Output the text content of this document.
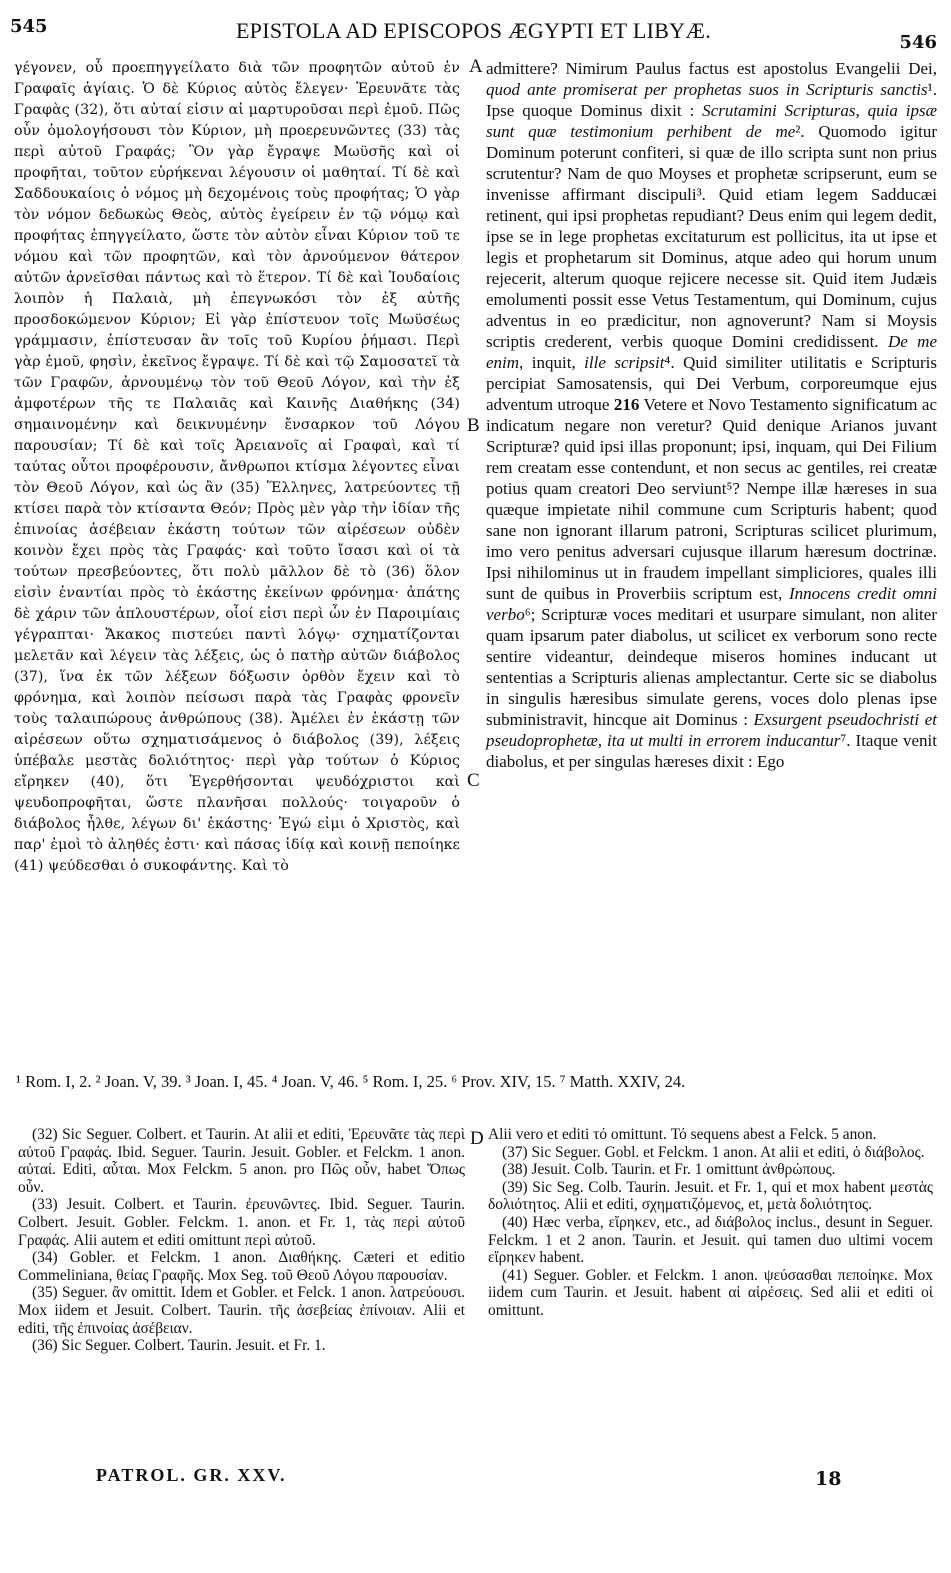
545	EPISTOLA AD EPISCOPOS ÆGYPTI ET LIBYÆ.	546

γέγονεν, οὗ προεπηγγείλατο διὰ τῶν προφητῶν αὐτοῦ ἐν Γραφαῖς ἁγίαις. Ὁ δὲ Κύριος αὐτὸς ἔλεγεν· Ἐρευνᾶτε τὰς Γραφὰς (32), ὅτι αὐταί εἰσιν αἱ μαρτυροῦσαι περὶ ἐμοῦ. Πῶς οὖν ὁμολογήσουσι τὸν Κύριον, μὴ προερευνῶντες (33) τὰς περὶ αὐτοῦ Γραφάς; Ὃν γὰρ ἔγραψε Μωϋσῆς καὶ οἱ προφῆται, τοῦτον εὑρήκεναι λέγουσιν οἱ μαθηταί. Τί δὲ καὶ Σαδδουκαίοις ὁ νόμος μὴ δεχομένοις τοὺς προφήτας; Ὁ γὰρ τὸν νόμον δεδωκὼς Θεὸς, αὐτὸς ἐγείρειν ἐν τῷ νόμῳ καὶ προφήτας ἐπηγγείλατο, ὥστε τὸν αὐτὸν εἶναι Κύριον τοῦ τε νόμου καὶ τῶν προφητῶν, καὶ τὸν ἀρνούμενον θάτερον αὐτῶν ἀρνεῖσθαι πάντως καὶ τὸ ἕτερον. Τί δὲ καὶ Ἰουδαίοις λοιπὸν ἡ Παλαιὰ, μὴ ἐπεγνωκόσι τὸν ἐξ αὐτῆς προσδοκώμενον Κύριον; Εἰ γὰρ ἐπίστευον τοῖς Μωϋσέως γράμμασιν, ἐπίστευσαν ἂν τοῖς τοῦ Κυρίου ῥήμασι. Περὶ γὰρ ἐμοῦ, φησὶν, ἐκεῖνος ἔγραψε. Τί δὲ καὶ τῷ Σαμοσατεῖ τὰ τῶν Γραφῶν, ἀρνουμένῳ τὸν τοῦ Θεοῦ Λόγον, καὶ τὴν ἐξ ἀμφοτέρων τῆς τε Παλαιᾶς καὶ Καινῆς Διαθήκης (34) σημαινομένην καὶ δεικνυμένην ἔνσαρκον τοῦ Λόγου παρουσίαν; Τί δὲ καὶ τοῖς Ἀρειανοῖς αἱ Γραφαὶ, καὶ τί ταύτας οὗτοι προφέρουσιν, ἄνθρωποι κτίσμα λέγοντες εἶναι τὸν Θεοῦ Λόγον, καὶ ὡς ἂν (35) Ἕλληνες, λατρεύοντες τῇ κτίσει παρὰ τὸν κτίσαντα Θεόν; Πρὸς μὲν γὰρ τὴν ἰδίαν τῆς ἐπινοίας ἀσέβειαν ἑκάστη τούτων τῶν αἱρέσεων οὐδὲν κοινὸν ἔχει πρὸς τὰς Γραφάς· καὶ τοῦτο ἴσασι καὶ οἱ τὰ τούτων πρεσβεύοντες, ὅτι πολὺ μᾶλλον δὲ τὸ (36) ὅλον εἰσὶν ἐναντίαι πρὸς τὸ ἑκάστης ἐκείνων φρόνημα· ἀπάτης δὲ χάριν τῶν ἁπλουστέρων, οἷοί εἰσι περὶ ὧν ἐν Παροιμίαις γέγραπται· Ἄκακος πιστεύει παντὶ λόγῳ· σχηματίζονται μελετᾶν καὶ λέγειν τὰς λέξεις, ὡς ὁ πατὴρ αὐτῶν διάβολος (37), ἵνα ἐκ τῶν λέξεων δόξωσιν ὀρθὸν ἔχειν καὶ τὸ φρόνημα, καὶ λοιπὸν πείσωσι παρὰ τὰς Γραφὰς φρονεῖν τοὺς ταλαιπώρους ἀνθρώπους (38). Ἀμέλει ἐν ἑκάστῃ τῶν αἱρέσεων οὕτω σχηματισάμενος ὁ διάβολος (39), λέξεις ὑπέβαλε μεστὰς δολιότητος· περὶ γὰρ τούτων ὁ Κύριος εἴρηκεν (40), ὅτι Ἐγερθήσονται ψευδόχριστοι καὶ ψευδοπροφῆται, ὥστε πλανῆσαι πολλούς· τοιγαροῦν ὁ διάβολος ἦλθε, λέγων δι' ἑκάστης· Ἐγώ εἰμι ὁ Χριστὸς, καὶ παρ' ἐμοὶ τὸ ἀληθές ἐστι· καὶ πάσας ἰδίᾳ καὶ κοινῇ πεποίηκε (41) ψεύδεσθαι ὁ συκοφάντης. Καὶ τὸ

A
B
C
D

admittere? Nimirum Paulus factus est apostolus Evangelii Dei, quod ante promiserat per prophetas suos in Scripturis sanctis¹. Ipse quoque Dominus dixit : Scrutamini Scripturas, quia ipsæ sunt quæ testimonium perhibent de me². Quomodo igitur Dominum poterunt confiteri, si quæ de illo scripta sunt non prius scrutentur? Nam de quo Moyses et prophetæ scripserunt, eum se invenisse affirmant discipuli³. Quid etiam legem Sadducæi retinent, qui ipsi prophetas repudiant? Deus enim qui legem dedit, ipse se in lege prophetas excitaturum est pollicitus, ita ut ipse et legis et prophetarum sit Dominus, atque adeo qui horum unum rejecerit, alterum quoque rejicere necesse sit. Quid item Judæis emolumenti possit esse Vetus Testamentum, qui Dominum, cujus adventus in eo prædicitur, non agnoverunt? Nam si Moysis scriptis crederent, verbis quoque Domini credidissent. De me enim, inquit, ille scripsit⁴. Quid similiter utilitatis e Scripturis percipiat Samosatensis, qui Dei Verbum, corporeumque ejus adventum utroque 216 Vetere et Novo Testamento significatum ac indicatum negare non veretur? Quid denique Arianos juvant Scripturæ? quid ipsi illas proponunt; ipsi, inquam, qui Dei Filium rem creatam esse contendunt, et non secus ac gentiles, rei creatæ potius quam creatori Deo serviunt⁵? Nempe illæ hæreses in sua quæque impietate nihil commune cum Scripturis habent; quod sane non ignorant illarum patroni, Scripturas scilicet plurimum, imo vero penitus adversari cujusque illarum hæresum doctrinæ. Ipsi nihilominus ut in fraudem impellant simpliciores, quales illi sunt de quibus in Proverbiis scriptum est, Innocens credit omni verbo⁶; Scripturæ voces meditari et usurpare simulant, non aliter quam ipsarum pater diabolus, ut scilicet ex verborum sono recte sentire videantur, deindeque miseros homines inducant ut sententias a Scripturis alienas amplectantur. Certe sic se diabolus in singulis hæresibus simulate gerens, voces dolo plenas ipse subministravit, hincque ait Dominus : Exsurgent pseudochristi et pseudoprophetæ, ita ut multi in errorem inducantur⁷. Itaque venit diabolus, et per singulas hæreses dixit : Ego

¹ Rom. I, 2. ² Joan. V, 39. ³ Joan. I, 45. ⁴ Joan. V, 46. ⁵ Rom. I, 25. ⁶ Prov. XIV, 15. ⁷ Matth. XXIV, 24.

(32) Sic Seguer. Colbert. et Taurin. At alii et editi, Ἐρευνᾶτε τὰς περὶ αὐτοῦ Γραφάς. Ibid. Seguer. Taurin. Jesuit. Gobler. et Felckm. 1 anon. αὐταί. Editi, αὗται. Mox Felckm. 5 anon. pro Πῶς οὖν, habet Ὅπως οὖν.

(33) Jesuit. Colbert. et Taurin. ἐρευνῶντες. Ibid. Seguer. Taurin. Colbert. Jesuit. Gobler. Felckm. 1. anon. et Fr. 1, τὰς περὶ αὐτοῦ Γραφάς. Alii autem et editi omittunt περὶ αὐτοῦ.

(34) Gobler. et Felckm. 1 anon. Διαθήκης. Cæteri et editio Commeliniana, θείας Γραφῆς. Mox Seg. τοῦ Θεοῦ Λόγου παρουσίαν.

(35) Seguer. ἂν omittit. Idem et Gobler. et Felck. 1 anon. λατρεύουσι. Mox iidem et Jesuit. Colbert. Taurin. τῆς ἀσεβείας ἐπίνοιαν. Alii et editi, τῆς ἐπινοίας ἀσέβειαν.

(36) Sic Seguer. Colbert. Taurin. Jesuit. et Fr. 1.

Alii vero et editi τό omittunt. Τό sequens abest a Felck. 5 anon.

(37) Sic Seguer. Gobl. et Felckm. 1 anon. At alii et editi, ὁ διάβολος.

(38) Jesuit. Colb. Taurin. et Fr. 1 omittunt ἀνθρώπους.

(39) Sic Seg. Colb. Taurin. Jesuit. et Fr. 1, qui et mox habent μεστὰς δολιότητος. Alii et editi, σχηματιζόμενος, et, μετὰ δολιότητος.

(40) Hæc verba, εἴρηκεν, etc., ad διάβολος inclus., desunt in Seguer. Felckm. 1 et 2 anon. Taurin. et Jesuit. qui tamen duo ultimi vocem εἴρηκεν habent.

(41) Seguer. Gobler. et Felckm. 1 anon. ψεύσασθαι πεποίηκε. Mox iidem cum Taurin. et Jesuit. habent αἱ αἱρέσεις. Sed alii et editi οἱ omittunt.

PATROL. GR. XXV.	18
